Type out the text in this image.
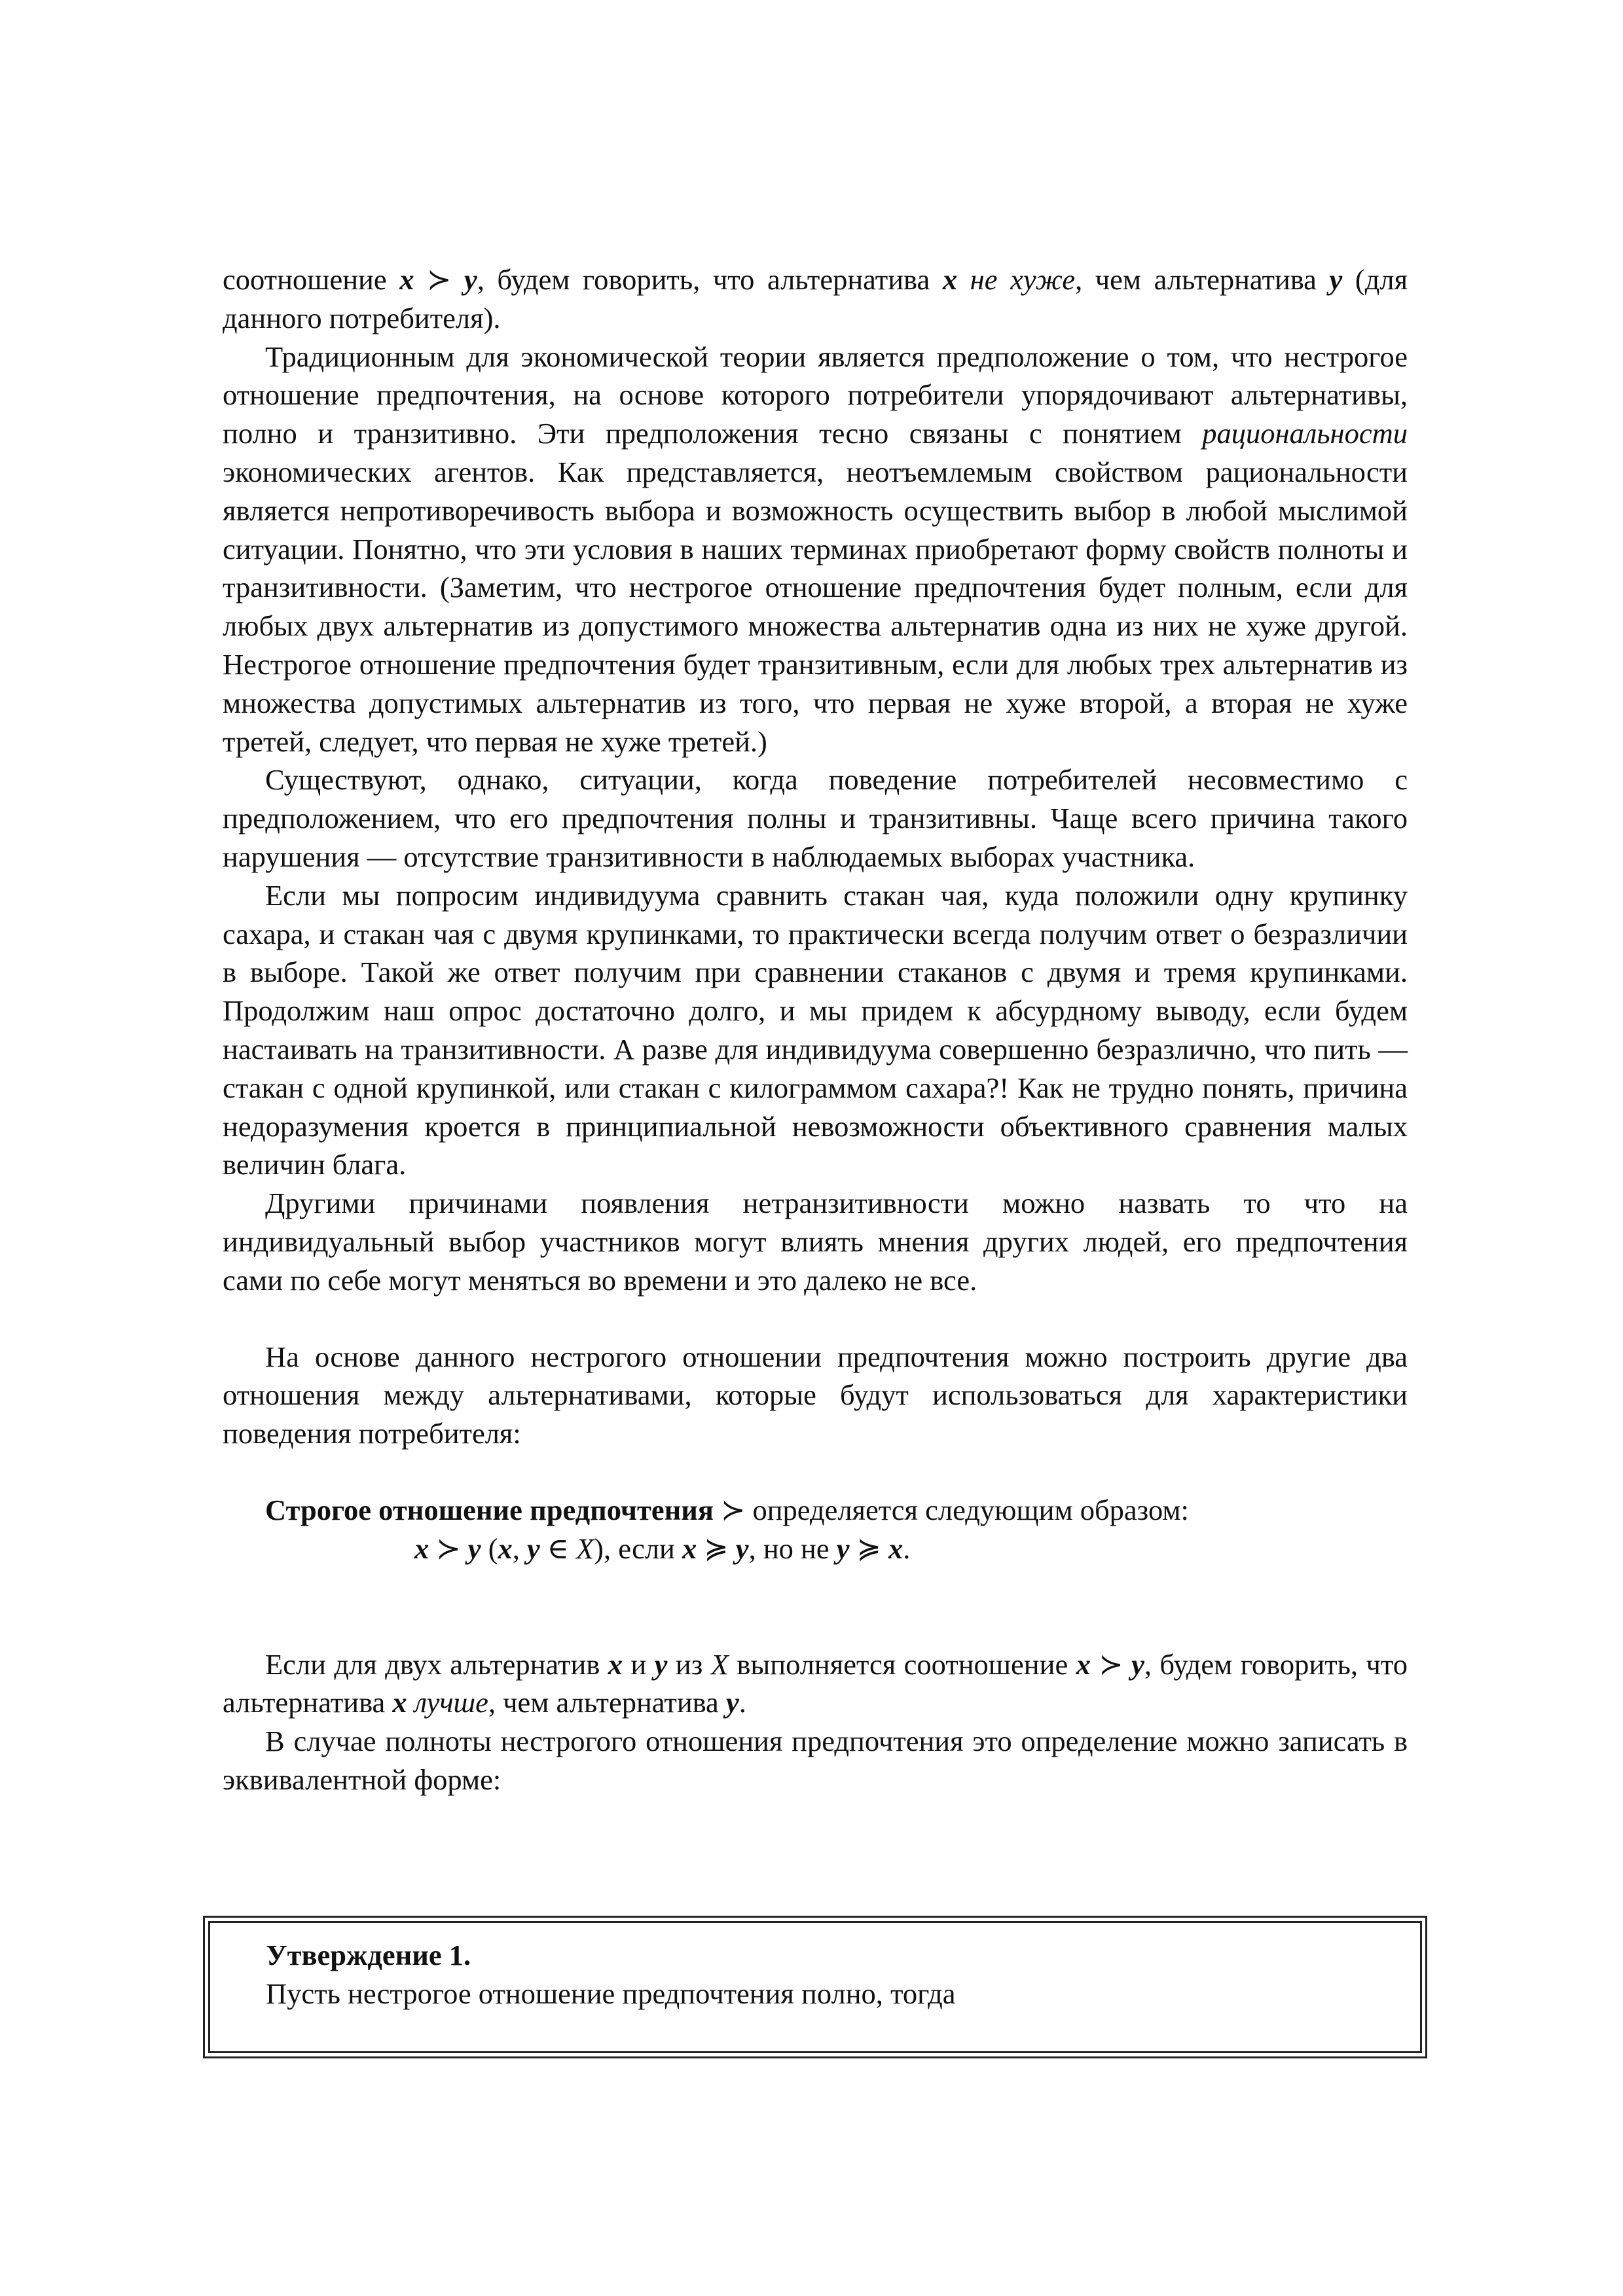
соотношение x ≻ y, будем говорить, что альтернатива x не хуже, чем альтернатива y (для данного потребителя).

Традиционным для экономической теории является предположение о том, что нестрогое отношение предпочтения, на основе которого потребители упорядочивают альтернативы, полно и транзитивно. Эти предположения тесно связаны с понятием рациональности экономических агентов. Как представляется, неотъемлемым свойством рациональности является непротиворечивость выбора и возможность осуществить выбор в любой мыслимой ситуации. Понятно, что эти условия в наших терминах приобретают форму свойств полноты и транзитивности. (Заметим, что нестрогое отношение предпочтения будет полным, если для любых двух альтернатив из допустимого множества альтернатив одна из них не хуже другой. Нестрогое отношение предпочтения будет транзитивным, если для любых трех альтернатив из множества допустимых альтернатив из того, что первая не хуже второй, а вторая не хуже третей, следует, что первая не хуже третей.)

Существуют, однако, ситуации, когда поведение потребителей несовместимо с предположением, что его предпочтения полны и транзитивны. Чаще всего причина такого нарушения — отсутствие транзитивности в наблюдаемых выборах участника.

Если мы попросим индивидуума сравнить стакан чая, куда положили одну крупинку сахара, и стакан чая с двумя крупинками, то практически всегда получим ответ о безразличии в выборе. Такой же ответ получим при сравнении стаканов с двумя и тремя крупинками. Продолжим наш опрос достаточно долго, и мы придем к абсурдному выводу, если будем настаивать на транзитивности. А разве для индивидуума совершенно безразлично, что пить — стакан с одной крупинкой, или стакан с килограммом сахара?! Как не трудно понять, причина недоразумения кроется в принципиальной невозможности объективного сравнения малых величин блага.

Другими причинами появления нетранзитивности можно назвать то что на индивидуальный выбор участников могут влиять мнения других людей, его предпочтения сами по себе могут меняться во времени и это далеко не все.

На основе данного нестрогого отношении предпочтения можно построить другие два отношения между альтернативами, которые будут использоваться для характеристики поведения потребителя:

Строгое отношение предпочтения ≻ определяется следующим образом:

x ≻ y (x, y ∈ X), если x ≽ y, но не y ≽ x.

Если для двух альтернатив x и y из X выполняется соотношение x ≻ y, будем говорить, что альтернатива x лучше, чем альтернатива y.

В случае полноты нестрогого отношения предпочтения это определение можно записать в эквивалентной форме:

Утверждение 1.

Пусть нестрогое отношение предпочтения полно, тогда
